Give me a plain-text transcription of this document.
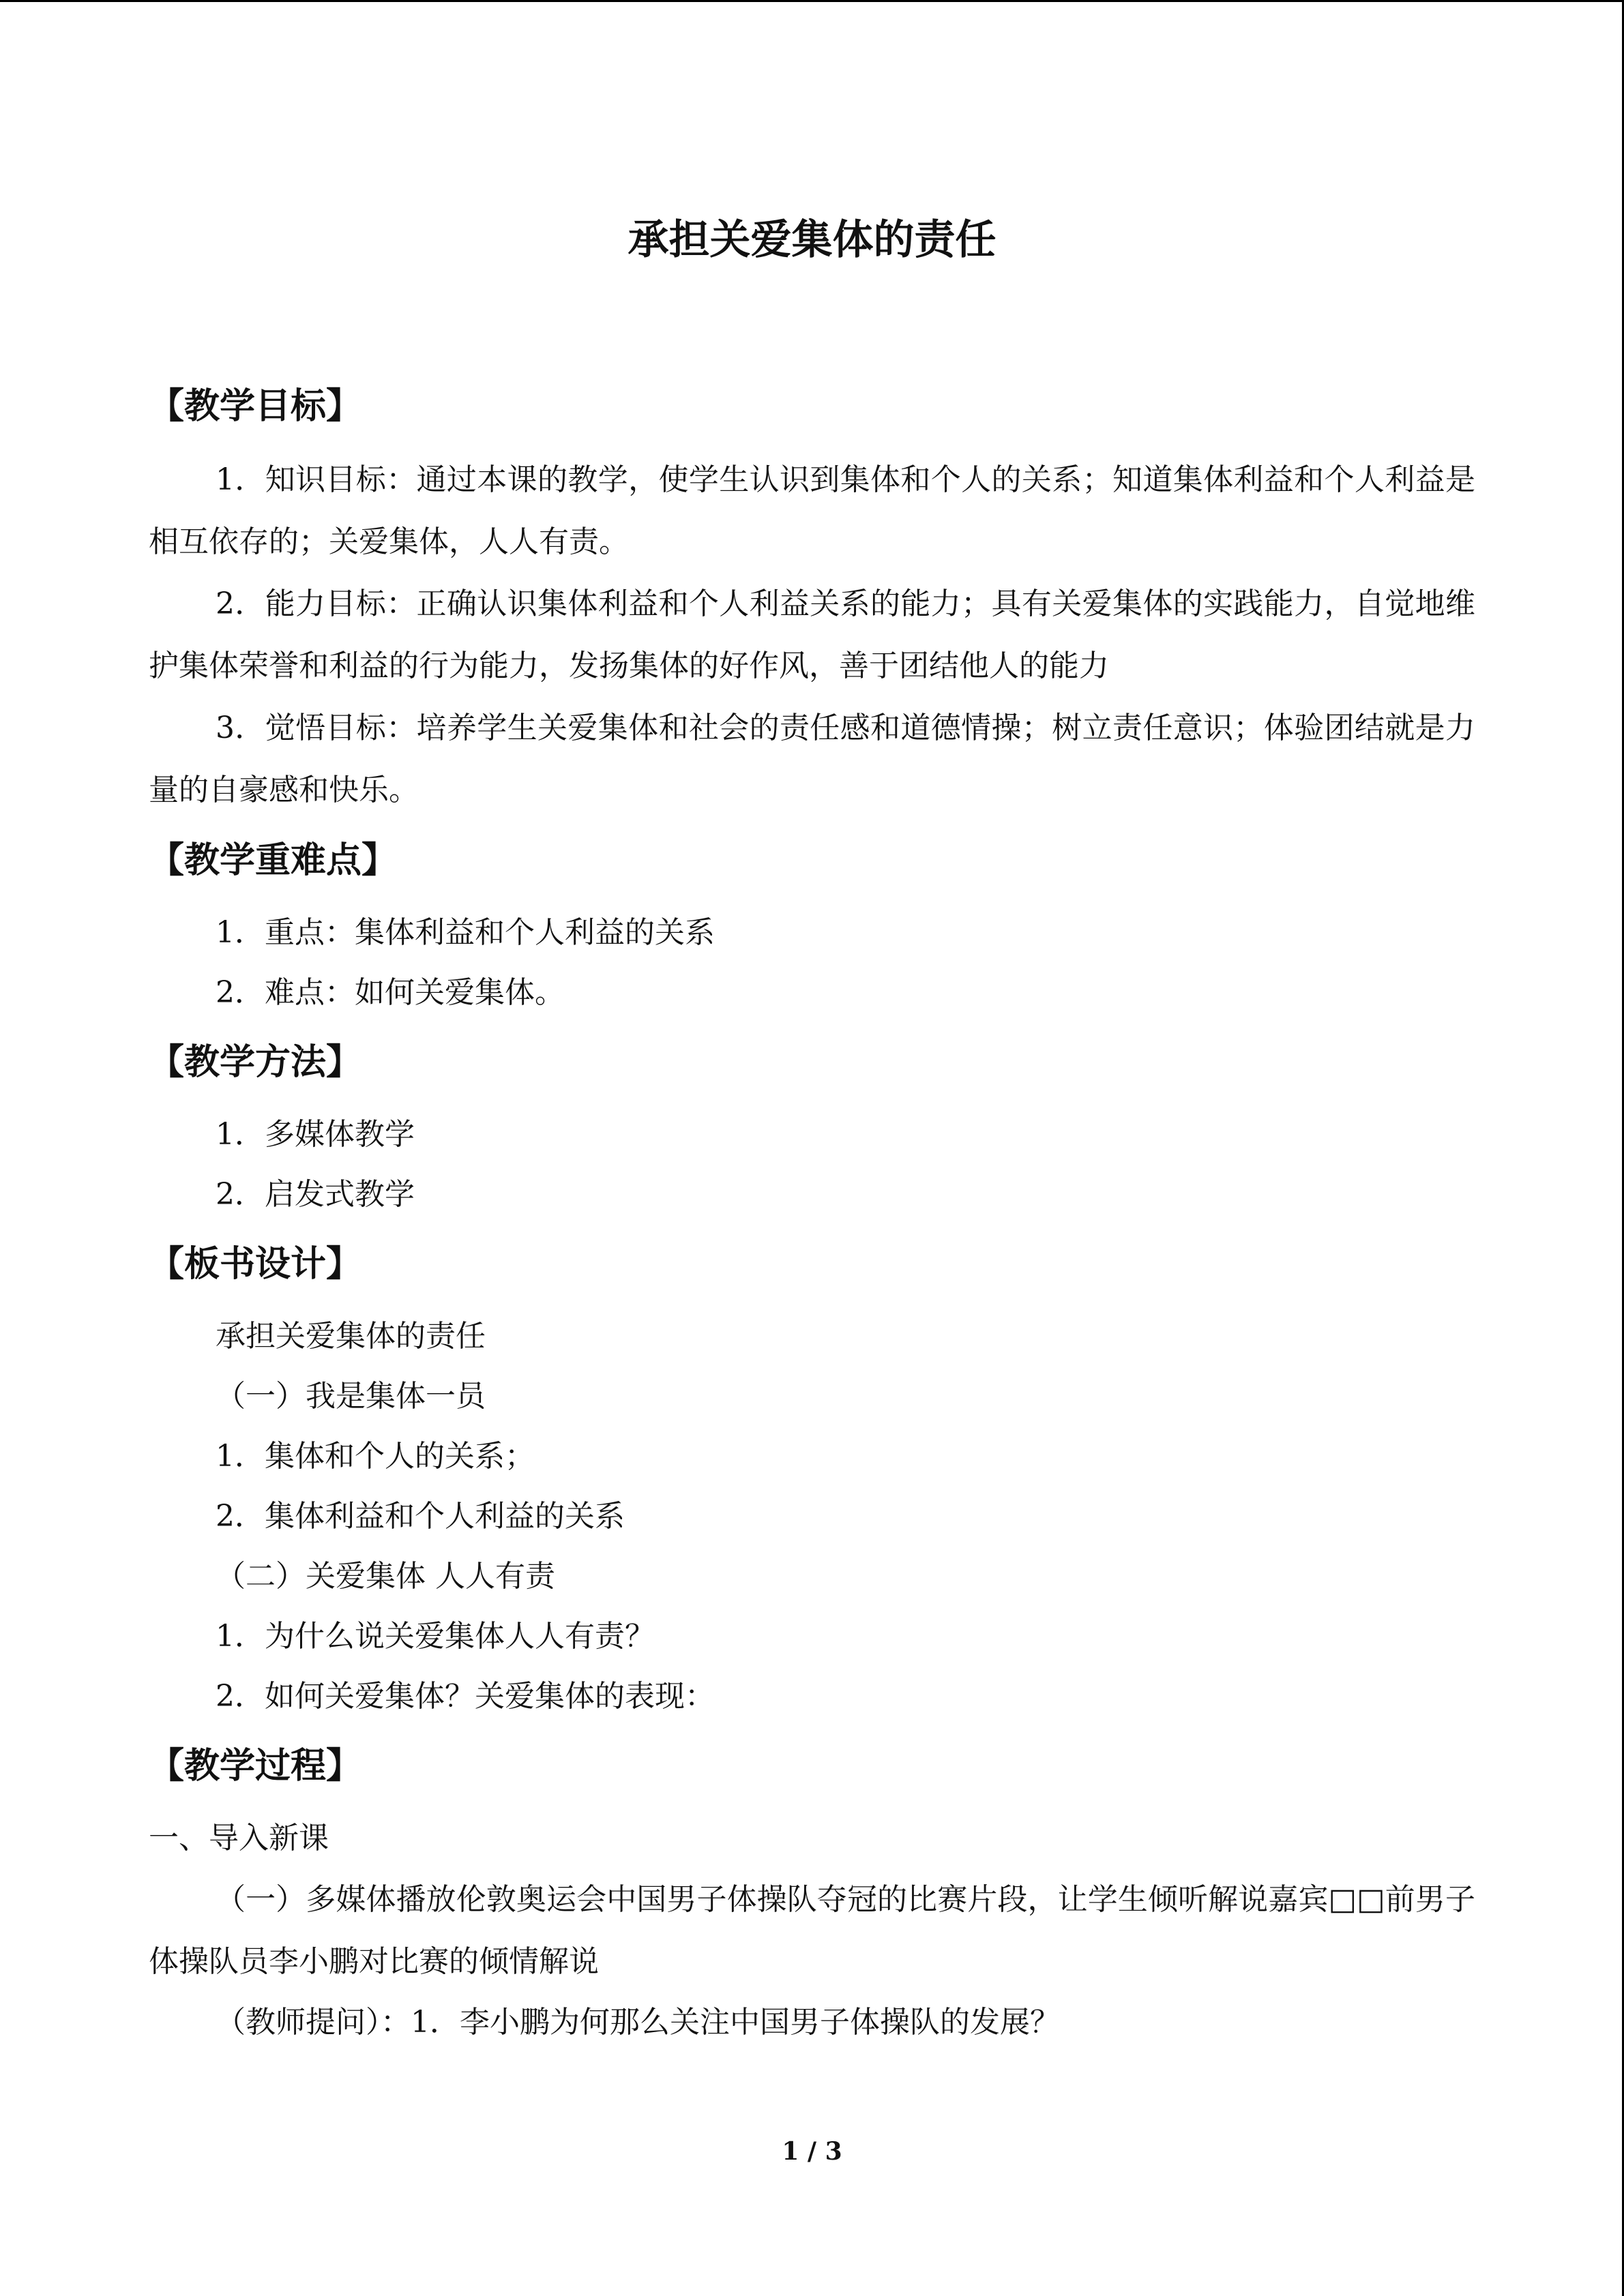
承担关爱集体的责任
【教学目标】

1．知识目标：通过本课的教学，使学生认识到集体和个人的关系；知道集体利益和个人利益是相互依存的；关爱集体，人人有责。

2．能力目标：正确认识集体利益和个人利益关系的能力；具有关爱集体的实践能力，自觉地维护集体荣誉和利益的行为能力，发扬集体的好作风，善于团结他人的能力

3．觉悟目标：培养学生关爱集体和社会的责任感和道德情操；树立责任意识；体验团结就是力量的自豪感和快乐。

【教学重难点】

1．重点：集体利益和个人利益的关系

2．难点：如何关爱集体。

【教学方法】

1．多媒体教学

2．启发式教学

【板书设计】

承担关爱集体的责任

（一）我是集体一员

1．集体和个人的关系；

2．集体利益和个人利益的关系

（二）关爱集体 人人有责

1．为什么说关爱集体人人有责？

2．如何关爱集体？关爱集体的表现：

【教学过程】

一、导入新课

（一）多媒体播放伦敦奥运会中国男子体操队夺冠的比赛片段，让学生倾听解说嘉宾□□前男子体操队员李小鹏对比赛的倾情解说

（教师提问）：1．李小鹏为何那么关注中国男子体操队的发展？

1 / 3
